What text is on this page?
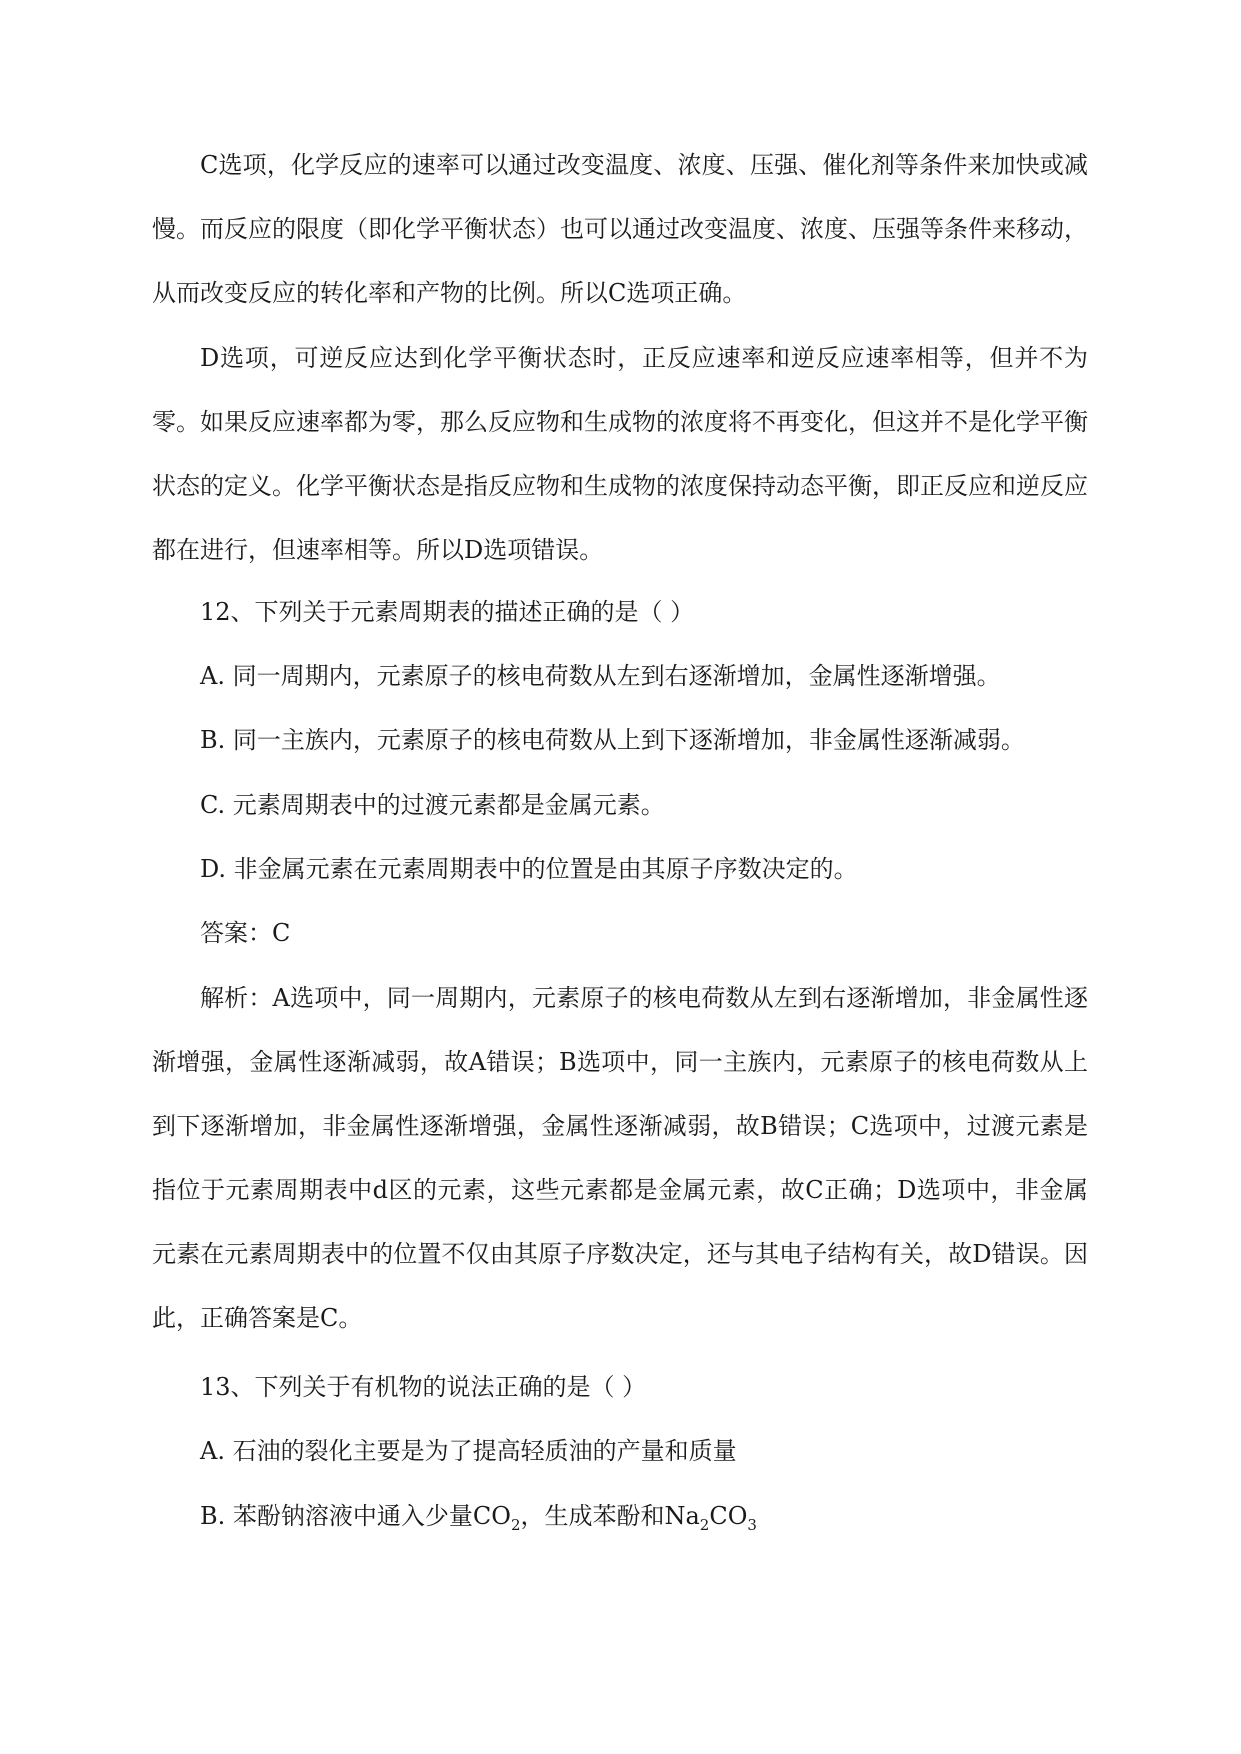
C选项，化学反应的速率可以通过改变温度、浓度、压强、催化剂等条件来加快或减慢。而反应的限度（即化学平衡状态）也可以通过改变温度、浓度、压强等条件来移动，从而改变反应的转化率和产物的比例。所以C选项正确。

D选项，可逆反应达到化学平衡状态时，正反应速率和逆反应速率相等，但并不为零。如果反应速率都为零，那么反应物和生成物的浓度将不再变化，但这并不是化学平衡状态的定义。化学平衡状态是指反应物和生成物的浓度保持动态平衡，即正反应和逆反应都在进行，但速率相等。所以D选项错误。

12、下列关于元素周期表的描述正确的是（ ）

A. 同一周期内，元素原子的核电荷数从左到右逐渐增加，金属性逐渐增强。

B. 同一主族内，元素原子的核电荷数从上到下逐渐增加，非金属性逐渐减弱。

C. 元素周期表中的过渡元素都是金属元素。

D. 非金属元素在元素周期表中的位置是由其原子序数决定的。

答案：C

解析：A选项中，同一周期内，元素原子的核电荷数从左到右逐渐增加，非金属性逐渐增强，金属性逐渐减弱，故A错误；B选项中，同一主族内，元素原子的核电荷数从上到下逐渐增加，非金属性逐渐增强，金属性逐渐减弱，故B错误；C选项中，过渡元素是指位于元素周期表中d区的元素，这些元素都是金属元素，故C正确；D选项中，非金属元素在元素周期表中的位置不仅由其原子序数决定，还与其电子结构有关，故D错误。因此，正确答案是C。

13、下列关于有机物的说法正确的是（ ）

A. 石油的裂化主要是为了提高轻质油的产量和质量

B. 苯酚钠溶液中通入少量$CO_2$，生成苯酚和$Na_2CO_3$
